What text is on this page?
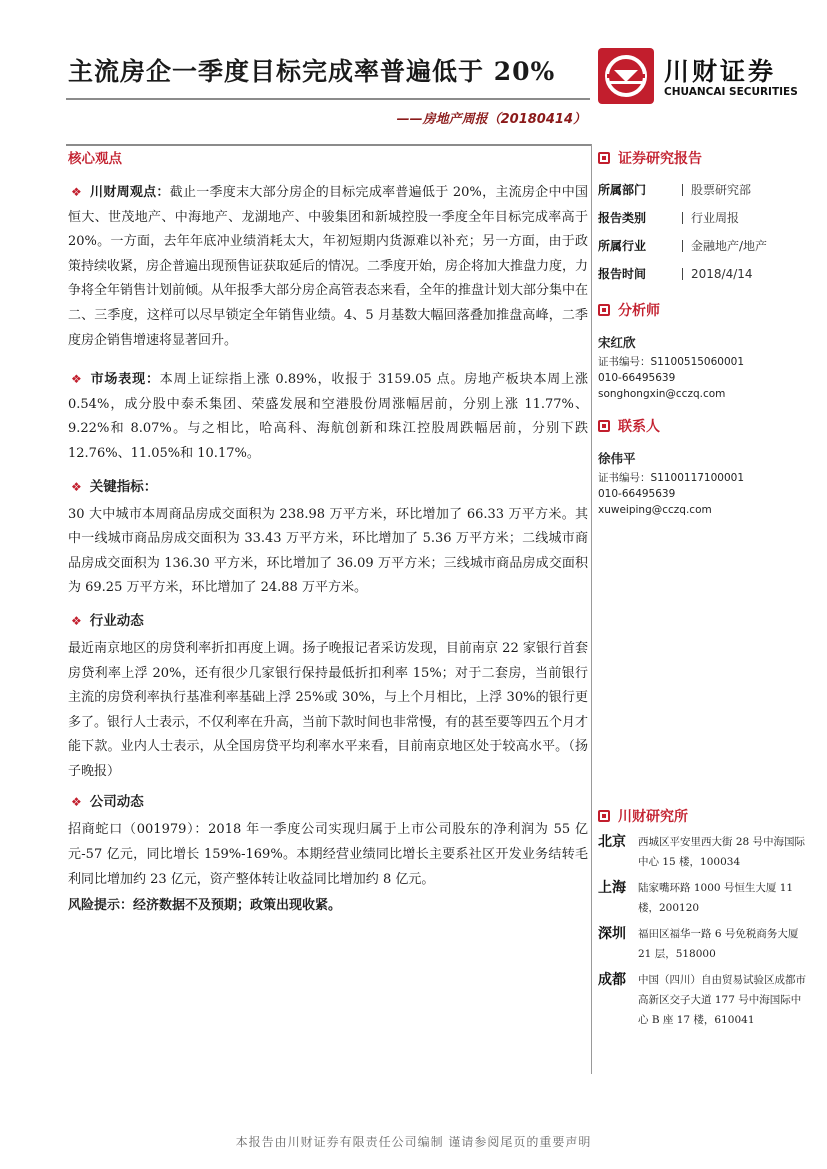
主流房企一季度目标完成率普遍低于 20%
——房地产周报（20180414）
川财证券
CHUANCAI SECURITIES
核心观点
❖ 川财周观点：截止一季度末大部分房企的目标完成率普遍低于 20%，主流房企中中国恒大、世茂地产、中海地产、龙湖地产、中骏集团和新城控股一季度全年目标完成率高于 20%。一方面，去年年底冲业绩消耗太大，年初短期内货源难以补充；另一方面，由于政策持续收紧，房企普遍出现预售证获取延后的情况。二季度开始，房企将加大推盘力度，力争将全年销售计划前倾。从年报季大部分房企高管表态来看，全年的推盘计划大部分集中在二、三季度，这样可以尽早锁定全年销售业绩。4、5 月基数大幅回落叠加推盘高峰，二季度房企销售增速将显著回升。
❖ 市场表现：本周上证综指上涨 0.89%，收报于 3159.05 点。房地产板块本周上涨 0.54%，成分股中泰禾集团、荣盛发展和空港股份周涨幅居前，分别上涨 11.77%、9.22%和 8.07%。与之相比，哈高科、海航创新和珠江控股周跌幅居前，分别下跌 12.76%、11.05%和 10.17%。
❖ 关键指标：
30 大中城市本周商品房成交面积为 238.98 万平方米，环比增加了 66.33 万平方米。其中一线城市商品房成交面积为 33.43 万平方米，环比增加了 5.36 万平方米；二线城市商品房成交面积为 136.30 平方米，环比增加了 36.09 万平方米；三线城市商品房成交面积为 69.25 万平方米，环比增加了 24.88 万平方米。
❖ 行业动态
最近南京地区的房贷利率折扣再度上调。扬子晚报记者采访发现，目前南京 22 家银行首套房贷利率上浮 20%，还有很少几家银行保持最低折扣利率 15%；对于二套房，当前银行主流的房贷利率执行基准利率基础上浮 25%或 30%，与上个月相比，上浮 30%的银行更多了。银行人士表示，不仅利率在升高，当前下款时间也非常慢，有的甚至要等四五个月才能下款。业内人士表示，从全国房贷平均利率水平来看，目前南京地区处于较高水平。（扬子晚报）
❖ 公司动态
招商蛇口（001979）：2018 年一季度公司实现归属于上市公司股东的净利润为 55 亿元-57 亿元，同比增长 159%-169%。本期经营业绩同比增长主要系社区开发业务结转毛利同比增加约 23 亿元，资产整体转让收益同比增加约 8 亿元。
风险提示：经济数据不及预期；政策出现收紧。
证券研究报告
所属部门	股票研究部
报告类别	行业周报
所属行业	金融地产/地产
报告时间	2018/4/14
分析师
宋红欣
证书编号：S1100515060001
010-66495639
songhongxin@cczq.com
联系人
徐伟平
证书编号：S1100117100001
010-66495639
xuweiping@cczq.com
川财研究所
北京	西城区平安里西大街 28 号中海国际中心 15 楼，100034
上海	陆家嘴环路 1000 号恒生大厦 11 楼，200120
深圳	福田区福华一路 6 号免税商务大厦 21 层，518000
成都	中国（四川）自由贸易试验区成都市高新区交子大道 177 号中海国际中心 B 座 17 楼，610041
本报告由川财证券有限责任公司编制 谨请参阅尾页的重要声明
